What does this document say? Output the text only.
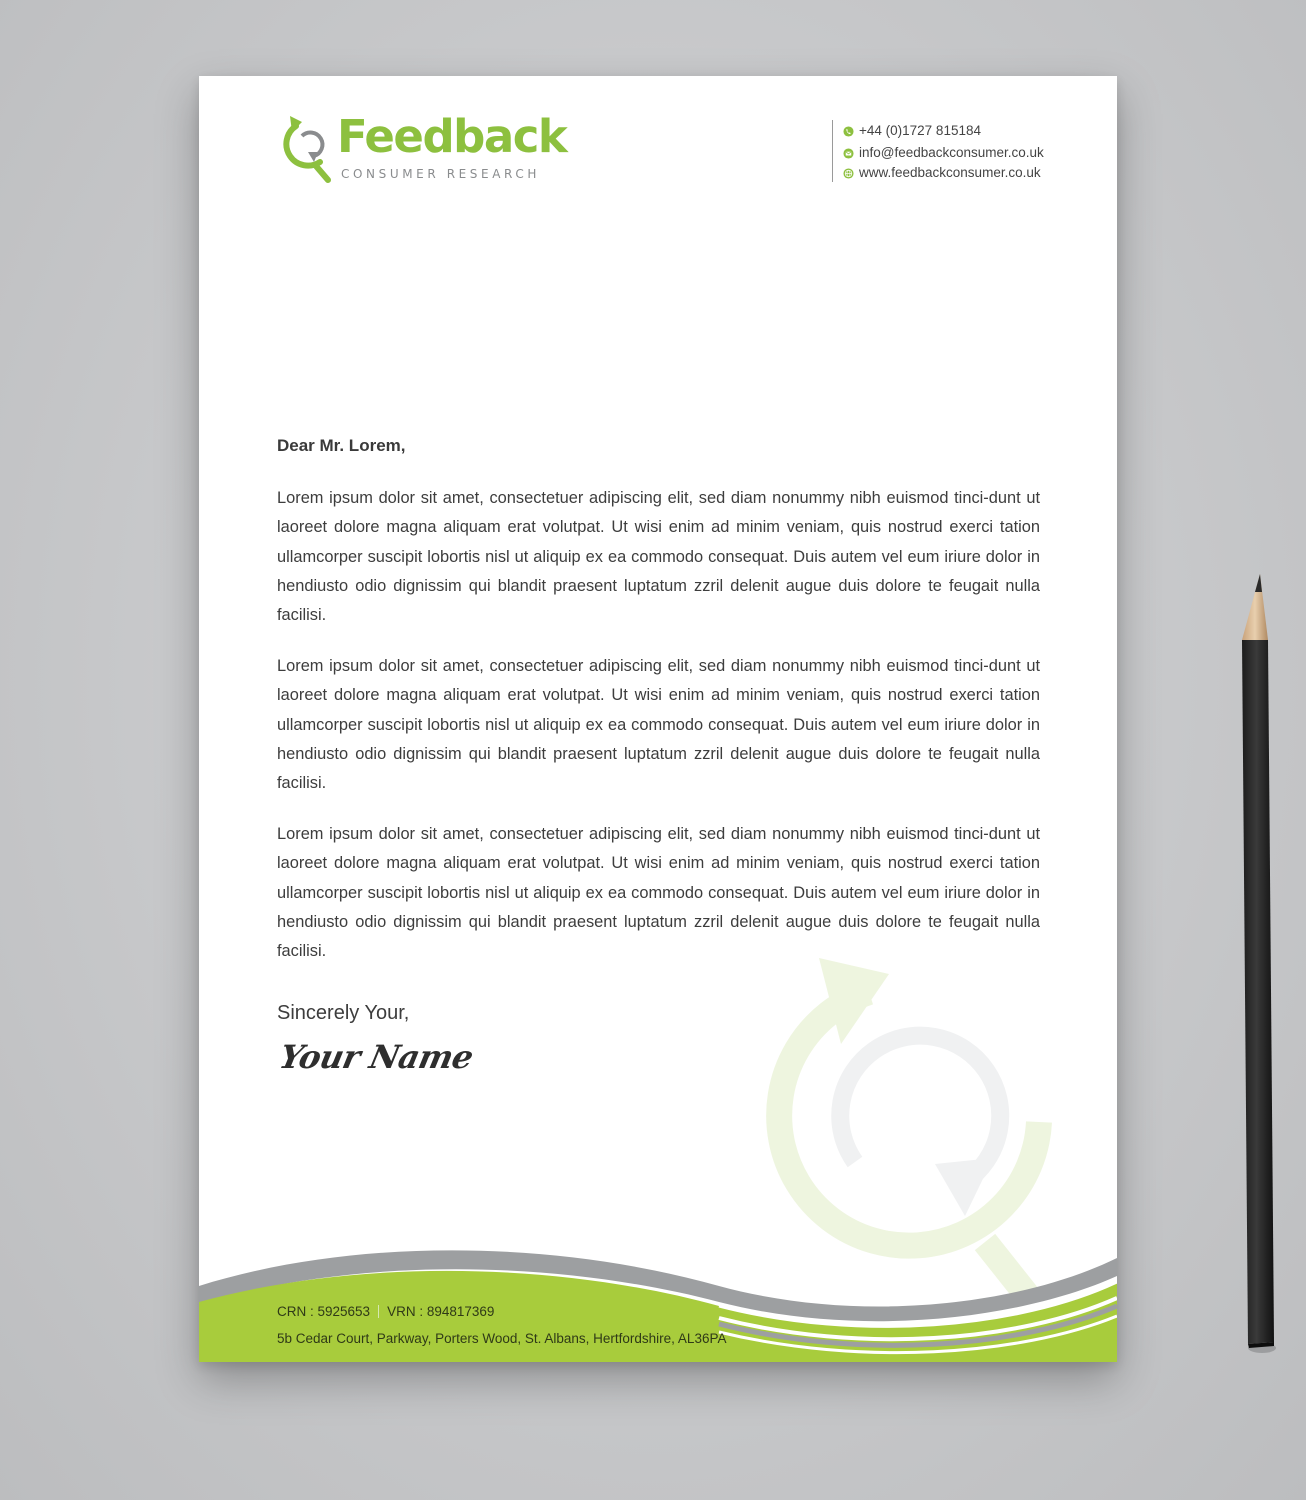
Feedback
CONSUMER RESEARCH
+44 (0)1727 815184
info@feedbackconsumer.co.uk
www.feedbackconsumer.co.uk
Dear Mr. Lorem,

Lorem ipsum dolor sit amet, consectetuer adipiscing elit, sed diam nonummy nibh euismod tinci-dunt ut laoreet dolore magna aliquam erat volutpat. Ut wisi enim ad minim veniam, quis nostrud exerci tation ullamcorper suscipit lobortis nisl ut aliquip ex ea commodo consequat. Duis autem vel eum iriure dolor in hendiusto odio dignissim qui blandit praesent luptatum zzril delenit augue duis dolore te feugait nulla facilisi.

Lorem ipsum dolor sit amet, consectetuer adipiscing elit, sed diam nonummy nibh euismod tinci-dunt ut laoreet dolore magna aliquam erat volutpat. Ut wisi enim ad minim veniam, quis nostrud exerci tation ullamcorper suscipit lobortis nisl ut aliquip ex ea commodo consequat. Duis autem vel eum iriure dolor in hendiusto odio dignissim qui blandit praesent luptatum zzril delenit augue duis dolore te feugait nulla facilisi.

Lorem ipsum dolor sit amet, consectetuer adipiscing elit, sed diam nonummy nibh euismod tinci-dunt ut laoreet dolore magna aliquam erat volutpat. Ut wisi enim ad minim veniam, quis nostrud exerci tation ullamcorper suscipit lobortis nisl ut aliquip ex ea commodo consequat. Duis autem vel eum iriure dolor in hendiusto odio dignissim qui blandit praesent luptatum zzril delenit augue duis dolore te feugait nulla facilisi.

Sincerely Your,
Your Name
CRN : 5925653 VRN : 894817369
5b Cedar Court, Parkway, Porters Wood, St. Albans, Hertfordshire, AL36PA
